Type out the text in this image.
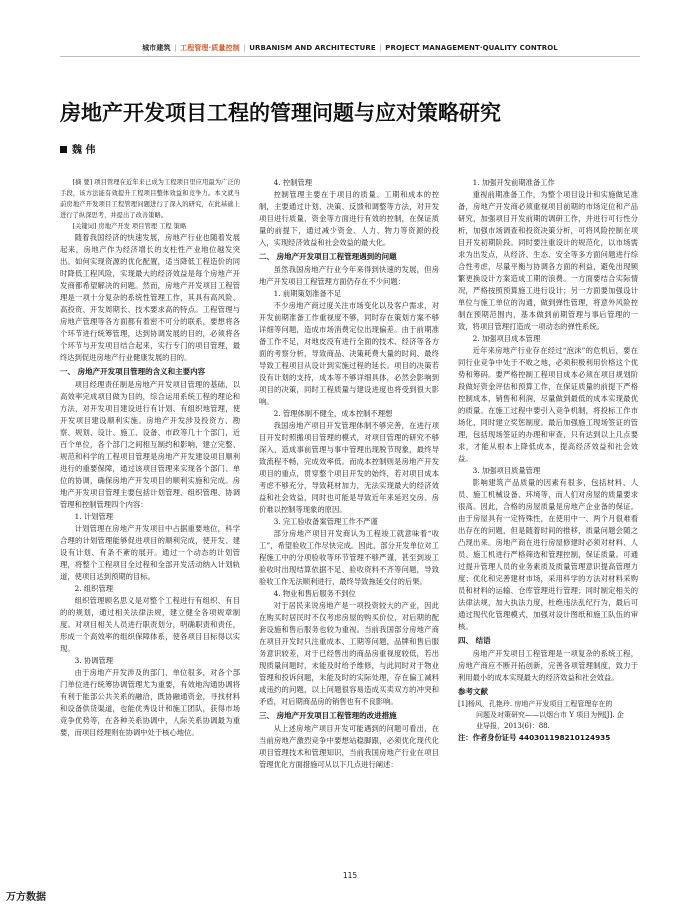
城市建筑 | 工程管理·质量控制 | URBANISM AND ARCHITECTURE | PROJECT MANAGEMENT·QUALITY CONTROL
房地产开发项目工程的管理问题与应对策略研究
魏 伟

[摘 要] 项目管理在近年来已成为工程项目里应用最为广泛的手段，该方法能有效提升工程项目整体效益和竞争力。本文就当前房地产开发项目工程管理问题进行了深入的研究，在此基础上进行了纵深思考，并提出了改善策略。

[关键词] 房地产开发 项目管理 工程 策略

随着我国经济的快速发展，房地产行业也随着发展起来，房地产作为经济增长的支柱性产业地位越发突出。如何实现资源的优化配置，适当降低工程造价的同时降低工程风险，实现最大的经济效益是每个房地产开发商都希望解决的问题。然而，房地产开发项目工程管理是一项十分复杂的系统性管理工作，其具有高风险、高投资、开发周期长、技术要求高的特点。工程管理与房地产管理等各方面都有着密不可分的联系，要想将各个环节进行统筹管理，达到协调发展的目的，必须将各个环节与开发项目结合起来，实行专门的项目管理，最终达到促进房地产行业健康发展的目的。

一、 房地产开发项目管理的含义和主要内容

项目经理责任制是房地产开发项目管理的基础，以高效率完成项目做为目的，综合运用系统工程的理论和方法，对开发项目建设进行有计划、有组织地管理，使开发项目建设顺利实施。房地产开发涉及投资方、勘察、规划、设计、施工、设备、市政等几十个部门，近百个单位，各个部门之间相互制约和影响，建立完整、规范和科学的工程项目管理是房地产开发建设项目顺利进行的重要保障，通过该项目管理来实现各个部门、单位的协调，确保房地产开发项目的顺利实施和完成。房地产开发项目管理主要包括计划管理、组织管理、协调管理和控制管理四个内容：

1. 计划管理

计划管理在房地产开发项目中占据重要地位，科学合理的计划管理能够促进项目的顺利完成，使开发、建设有计划、有条不紊的展开。通过一个动态的计划管理，将整个工程项目全过程和全部开发活动纳入计划轨道，使项目达到预期的目标。

2. 组织管理

组织管理顾名思义是对整个工程进行有组织、有目的的规划，通过相关法律法规，建立健全各项规章制度。对项目相关人员进行职责划分，明确职责和责任，形成一个高效率的组织保障体系，使各项目目标得以实现。

3. 协调管理

由于房地产开发涉及的部门、单位很多，对各个部门单位进行统筹协调管理尤为重要，有效地沟通协调将有利于能部公共关系的融洽，既协融通资金，寻找材料和设备供货渠道，也能优秀设计和施工团队，获得市场竞争优势等，在各种关系协调中，人际关系协调最为重要，而项目经理则在协调中处于核心地位。

4. 控制管理

控制管理主要在于项目的质量、工期和成本的控制，主要通过计划、决策、反馈和调整等方法，对开发项目进行质量、资金等方面进行有效的控制，在保证质量的前提下，通过减少资金、人力、物力等资源的投入，实现经济效益和社会效益的最大化。

二、 房地产开发项目工程管理遇到的问题

虽然我国房地产行业今年来得到快速的发展，但房地产开发项目工程管理方面仍存在不少问题：

1. 前期策划准备不足

不少房地产商过度关注市场变化以及客户需求，对开发前期准备工作重视度不够，同时存在策划方案不够详细等问题，造成市场消费定位出现偏差。由于前期准备工作不足，对地皮没有进行全面的技术、经济等各方面的考察分析，导致商品、决策耗费大量的时间、最终导致工程项目从设计到实施过程的延长。项目的决策若没有计划的支持，成本等不够详细具体，必然会影响到项目的决策，同时工程质量与建设进度也将受到很大影响。

2. 管理体制不健全，成本控制不理想

我国房地产项目开发管理体制不够完善，在进行项目开发时照搬项目管理的模式，对项目管理的研究不够深入，造成事前管理与事中管理出现脱节现象，最终导致流程不畅，完成效率低。而成本控制则是房地产开发项目的重点，贯穿整个项目开发的始终，若对项目成本考虑不够充分，导致耗材加力，无法实现最大的经济效益和社会效益，同时也可能是导致近年来延迟交房、房价难以控制等现象的原因。

3. 完工验收备案管理工作不严谨

部分房地产项目开发商认为工程竣工就意味着“收工”，希望验收工作尽快完成。因此，部分开发单位对工程施工中的分项验收等环节管理不够严谨，甚至到竣工验收时出现结算依据不足、验收资料不齐等问题，导致验收工作无法顺利进行，最终导致拖延交付的后果。

4. 物业和售后服务不到位

对于居民来说房地产是一项投资较大的产业，因此在购买时居民时不仅考虑房屋的购买价位，对后期的配套设施和售后服务也较为重视。当前我国部分房地产商在项目开发时只注重成本、工期等问题，品牌和售后服务意识较差，对于已经售出的商品房重视度较低，若出现质量问题时，未能及时给予维修，与此同时对于物业管理和投诉问题，未能及时的实际处理，存在偏工减料或违约的问题，以上问题很容易造成买卖双方的冲突和矛盾，对后期商品房的销售也有不良影响。

三、 房地产开发项目工程管理的改进措施

从上述房地产项目开发可能遇到的问题可看出，在当前房地产激烈竞争中要想站稳脚跟，必须优化现代化项目管理技术和管理知识，当前我国房地产行业在项目管理优化方面措施可从以下几点进行阐述：

1. 加强开发前期准备工作

重视前期准备工作，为整个项目设计和实施做足准备，房地产开发商必须重视项目前期的市场定位和产品研究，加强项目开发前期的调研工作，并进行可行性分析，加强市场调查和投资决策分析，可将风险控制在项目开发初期阶段。同时要注重设计的规范化，以市场需求为出发点，从经济、生态、安全等多方面问题进行综合性考虑，尽量平衡与协调各方面的利益，避免出现频繁更换设计方案造成工期的浪费。一方面要结合实际情况，严格按照预算施工进行设计；另一方面要加强设计单位与施工单位的沟通，做到弹性管理，将意外风险控制在预期范围内，基本做到前期管理与事后管理的一致，将项目管理打造成一项动态的弹性系统。

2. 加强项目成本管理

近年来房地产行业存在经过“泡沫”的危机后，要在同行业竞争中处于不败之地，必须积极利用价格这个优势和筹码。要严格控制工程项目成本必须在项目规划阶段做好资金评估和预算工作，在保证质量的前提下严格控制成本，销售和利润，尽量做到最低的成本实现最优的质量。在施工过程中要引入竞争机制，将投标工作市场化，同时建立奖惩制度。最后加强施工现场签证的管理，包括现场签证的办理和审查，只有达到以上几点要求，才能从根本上降低成本，提高经济效益和社会效益。

3. 加强项目质量管理

影响建筑产品质量的因素有很多，包括材料、人员、施工机械设备、环境等，而人们对房屋的质量要求很高。因此，合格的房屋质量是房地产企业备的保证。由于房屋具有一定特殊性，在使用中一、两个月很难看出存在的问题，但是随着时间的推移，质量问题会随之凸现出来。房地产商在进行房屋修建时必须对材料、人员、施工机进行严格筛选和管理控制，保证质量。可通过提升管理人员的业务素质及质量管理意识提高管理力度；优化和完善建材市场，采用科学的方法对材料采购员和材料的运输、仓库管理进行管理；同时制定相关的法律法规，加大执法力度，杜绝违法乱纪行为，最后可通过现代化管理模式，加强对设计图纸和施工队伍的审核。

四、 结语

房地产开发项目工程管理是一项复杂的系统工程，房地产商应不断开拓创新，完善各项管理制度，致力于利用最小的成本实现最大的经济效益和社会效益。

参考文献

[1]杨风，孔艳玲. 房地产开发项目工程管理存在的

问题及对策研究——以烟台市 Y 项目为例[J]. 企

业导报，2013(6)：88.

注：作者身份证号 440301198210124935

115
万方数据
